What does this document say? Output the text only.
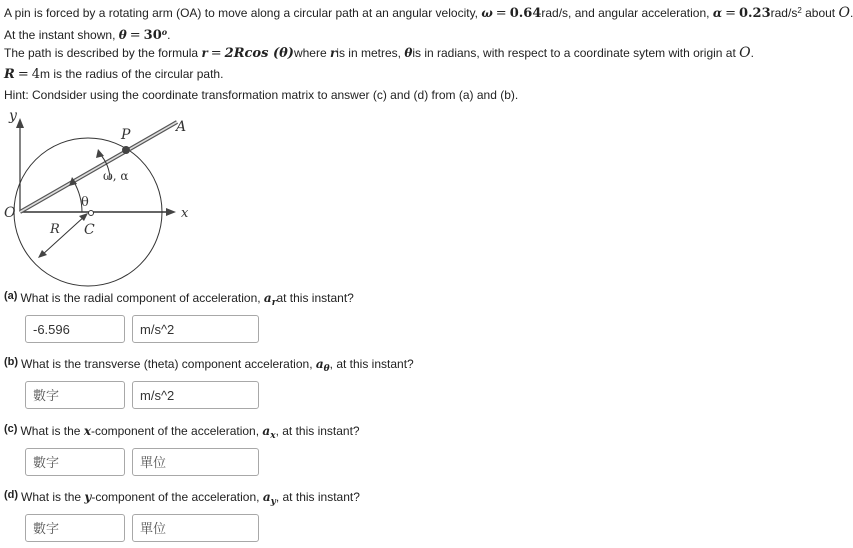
A pin is forced by a rotating arm (OA) to move along a circular path at an angular velocity, ω = 0.64rad/s, and angular acceleration, $\alpha = 0.23rad/s^2$ about O.
At the instant shown, $\theta = 30^o$.
The path is described by the formula r = 2Rcos (θ)where ris in metres, θis in radians, with respect to a coordinate sytem with origin at O.
R = 4m is the radius of the circular path.
Hint: Condsider using the coordinate transformation matrix to answer (c) and (d) from (a) and (b).
y
x
O
P	A
C
R
θ
ω, α
(a) What is the radial component of acceleration, $a_rat$ this instant?
-6.596
m/s^2
(b) What is the transverse (theta) component acceleration, $a_\theta$, at this instant?
數字
m/s^2
(c) What is the x-component of the acceleration, $a_x$, at this instant?
數字
單位
(d) What is the y-component of the acceleration, $a_y$, at this instant?
數字
單位
